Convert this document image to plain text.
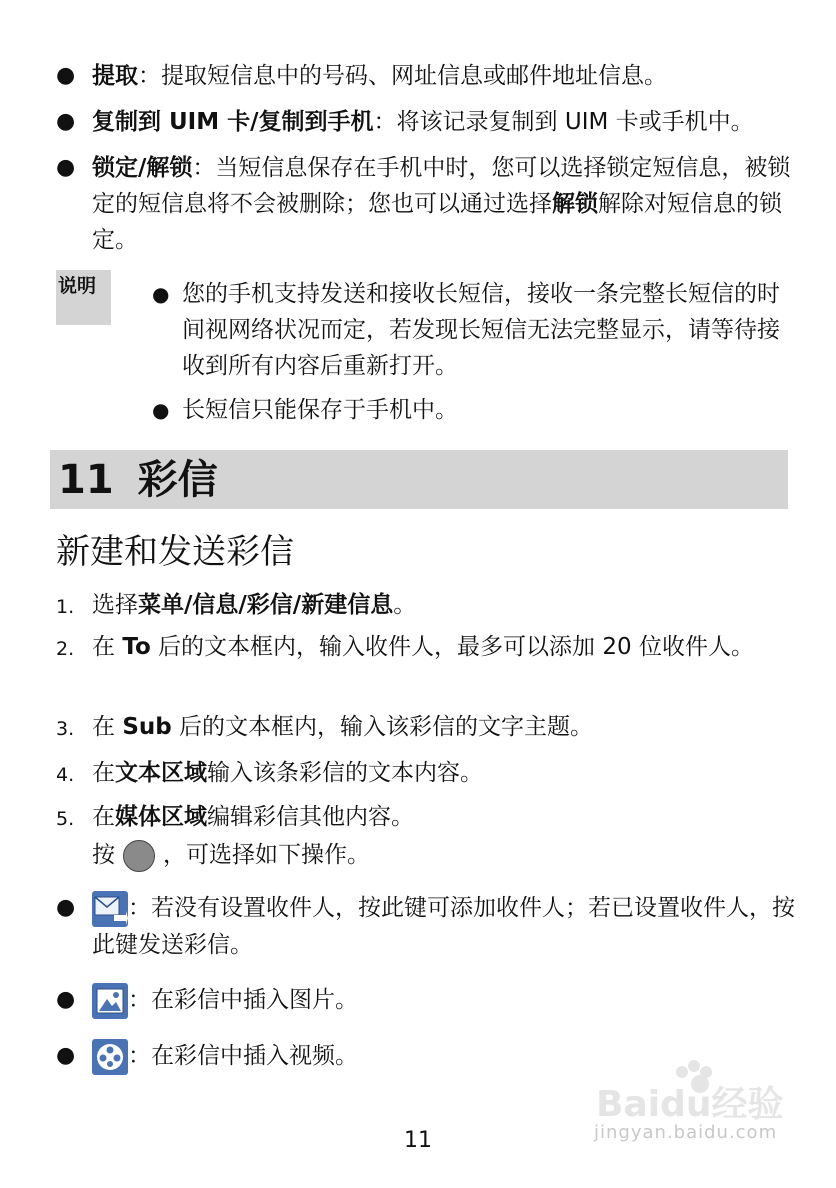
● 提取：提取短信息中的号码、网址信息或邮件地址信息。
● 复制到 UIM 卡/复制到手机：将该记录复制到 UIM 卡或手机中。
● 锁定/解锁：当短信息保存在手机中时，您可以选择锁定短信息，被锁定的短信息将不会被删除；您也可以通过选择解锁解除对短信息的锁定。
说明	● 您的手机支持发送和接收长短信，接收一条完整长短信的时间视网络状况而定，若发现长短信无法完整显示，请等待接收到所有内容后重新打开。
● 长短信只能保存于手机中。
11 彩信
新建和发送彩信
1. 选择菜单/信息/彩信/新建信息。
2. 在 To 后的文本框内，输入收件人，最多可以添加 20 位收件人。
3. 在 Sub 后的文本框内，输入该彩信的文字主题。
4. 在文本区域输入该条彩信的文本内容。
5. 在媒体区域编辑彩信其他内容。
按 ，可选择如下操作。
●	：若没有设置收件人，按此键可添加收件人；若已设置收件人，按此键发送彩信。
●	：在彩信中插入图片。
●	：在彩信中插入视频。
Baidu经验
jingyan.baidu.com
11
